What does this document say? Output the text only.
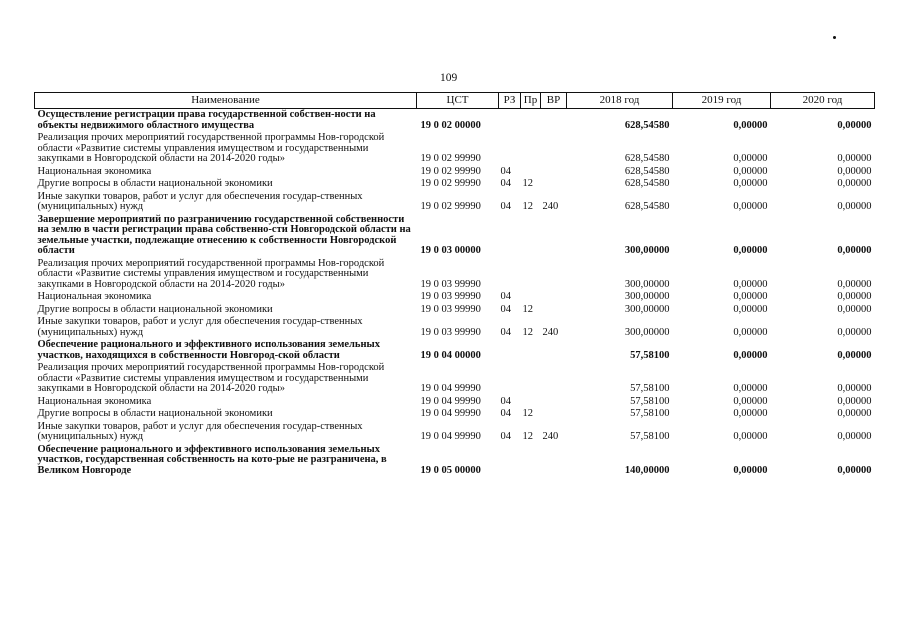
109
Наименование	ЦСТ	РЗ	Пр	ВР	2018 год	2019 год	2020 год
Осуществление регистрации права государственной собствен-ности на объекты недвижимого областного имущества	19 0 02 00000				628,54580	0,00000	0,00000
Реализация прочих мероприятий государственной программы Нов-городской области «Развитие системы управления имуществом и государственными закупками в Новгородской области на 2014-2020 годы»	19 0 02 99990				628,54580	0,00000	0,00000
Национальная экономика	19 0 02 99990	04			628,54580	0,00000	0,00000
Другие вопросы в области национальной экономики	19 0 02 99990	04	12		628,54580	0,00000	0,00000
Иные закупки товаров, работ и услуг для обеспечения государ-ственных (муниципальных) нужд	19 0 02 99990	04	12	240	628,54580	0,00000	0,00000
Завершение мероприятий по разграничению государственной собственности на землю в части регистрации права собственно-сти Новгородской области на земельные участки, подлежащие отнесению к собственности Новгородской области	19 0 03 00000				300,00000	0,00000	0,00000
Реализация прочих мероприятий государственной программы Нов-городской области «Развитие системы управления имуществом и государственными закупками в Новгородской области на 2014-2020 годы»	19 0 03 99990				300,00000	0,00000	0,00000
Национальная экономика	19 0 03 99990	04			300,00000	0,00000	0,00000
Другие вопросы в области национальной экономики	19 0 03 99990	04	12		300,00000	0,00000	0,00000
Иные закупки товаров, работ и услуг для обеспечения государ-ственных (муниципальных) нужд	19 0 03 99990	04	12	240	300,00000	0,00000	0,00000
Обеспечение рационального и эффективного использования земельных участков, находящихся в собственности Новгород-ской области	19 0 04 00000				57,58100	0,00000	0,00000
Реализация прочих мероприятий государственной программы Нов-городской области «Развитие системы управления имуществом и государственными закупками в Новгородской области на 2014-2020 годы»	19 0 04 99990				57,58100	0,00000	0,00000
Национальная экономика	19 0 04 99990	04			57,58100	0,00000	0,00000
Другие вопросы в области национальной экономики	19 0 04 99990	04	12		57,58100	0,00000	0,00000
Иные закупки товаров, работ и услуг для обеспечения государ-ственных (муниципальных) нужд	19 0 04 99990	04	12	240	57,58100	0,00000	0,00000
Обеспечение рационального и эффективного использования земельных участков, государственная собственность на кото-рые не разграничена, в Великом Новгороде	19 0 05 00000				140,00000	0,00000	0,00000
